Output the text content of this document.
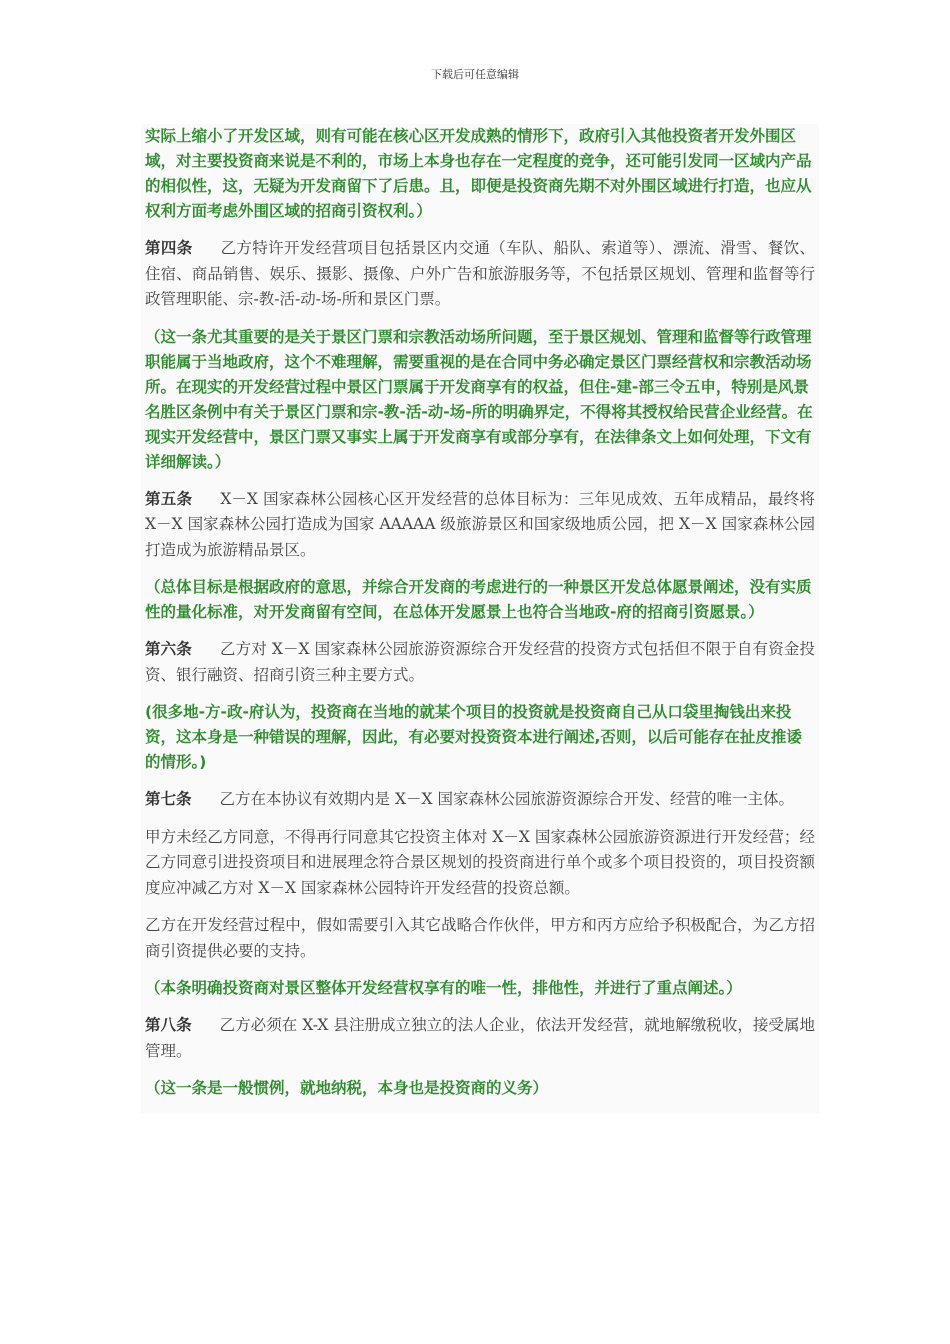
下载后可任意编辑

实际上缩小了开发区域，则有可能在核心区开发成熟的情形下，政府引入其他投资者开发外围区域，对主要投资商来说是不利的，市场上本身也存在一定程度的竞争，还可能引发同一区域内产品的相似性，这，无疑为开发商留下了后患。且，即便是投资商先期不对外围区域进行打造，也应从权利方面考虑外围区域的招商引资权利。）

第四条 乙方特许开发经营项目包括景区内交通（车队、船队、索道等）、漂流、滑雪、餐饮、住宿、商品销售、娱乐、摄影、摄像、户外广告和旅游服务等，不包括景区规划、管理和监督等行政管理职能、宗-教-活-动-场-所和景区门票。

（这一条尤其重要的是关于景区门票和宗教活动场所问题，至于景区规划、管理和监督等行政管理职能属于当地政府，这个不难理解，需要重视的是在合同中务必确定景区门票经营权和宗教活动场所。在现实的开发经营过程中景区门票属于开发商享有的权益，但住-建-部三令五申，特别是风景名胜区条例中有关于景区门票和宗-教-活-动-场-所的明确界定，不得将其授权给民营企业经营。在现实开发经营中，景区门票又事实上属于开发商享有或部分享有，在法律条文上如何处理，下文有详细解读。）

第五条 X－X 国家森林公园核心区开发经营的总体目标为：三年见成效、五年成精品，最终将 X－X 国家森林公园打造成为国家 AAAAA 级旅游景区和国家级地质公园，把 X－X 国家森林公园打造成为旅游精品景区。

（总体目标是根据政府的意思，并综合开发商的考虑进行的一种景区开发总体愿景阐述，没有实质性的量化标准，对开发商留有空间，在总体开发愿景上也符合当地政-府的招商引资愿景。）

第六条 乙方对 X－X 国家森林公园旅游资源综合开发经营的投资方式包括但不限于自有资金投资、银行融资、招商引资三种主要方式。

(很多地-方-政-府认为，投资商在当地的就某个项目的投资就是投资商自己从口袋里掏钱出来投资，这本身是一种错误的理解，因此，有必要对投资资本进行阐述,否则，以后可能存在扯皮推诿的情形。)

第七条 乙方在本协议有效期内是 X－X 国家森林公园旅游资源综合开发、经营的唯一主体。

甲方未经乙方同意，不得再行同意其它投资主体对 X－X 国家森林公园旅游资源进行开发经营；经乙方同意引进投资项目和进展理念符合景区规划的投资商进行单个或多个项目投资的，项目投资额度应冲减乙方对 X－X 国家森林公园特许开发经营的投资总额。

乙方在开发经营过程中，假如需要引入其它战略合作伙伴，甲方和丙方应给予积极配合，为乙方招商引资提供必要的支持。

（本条明确投资商对景区整体开发经营权享有的唯一性，排他性，并进行了重点阐述。）

第八条 乙方必须在 X-X 县注册成立独立的法人企业，依法开发经营，就地解缴税收，接受属地管理。

（这一条是一般惯例，就地纳税，本身也是投资商的义务）
